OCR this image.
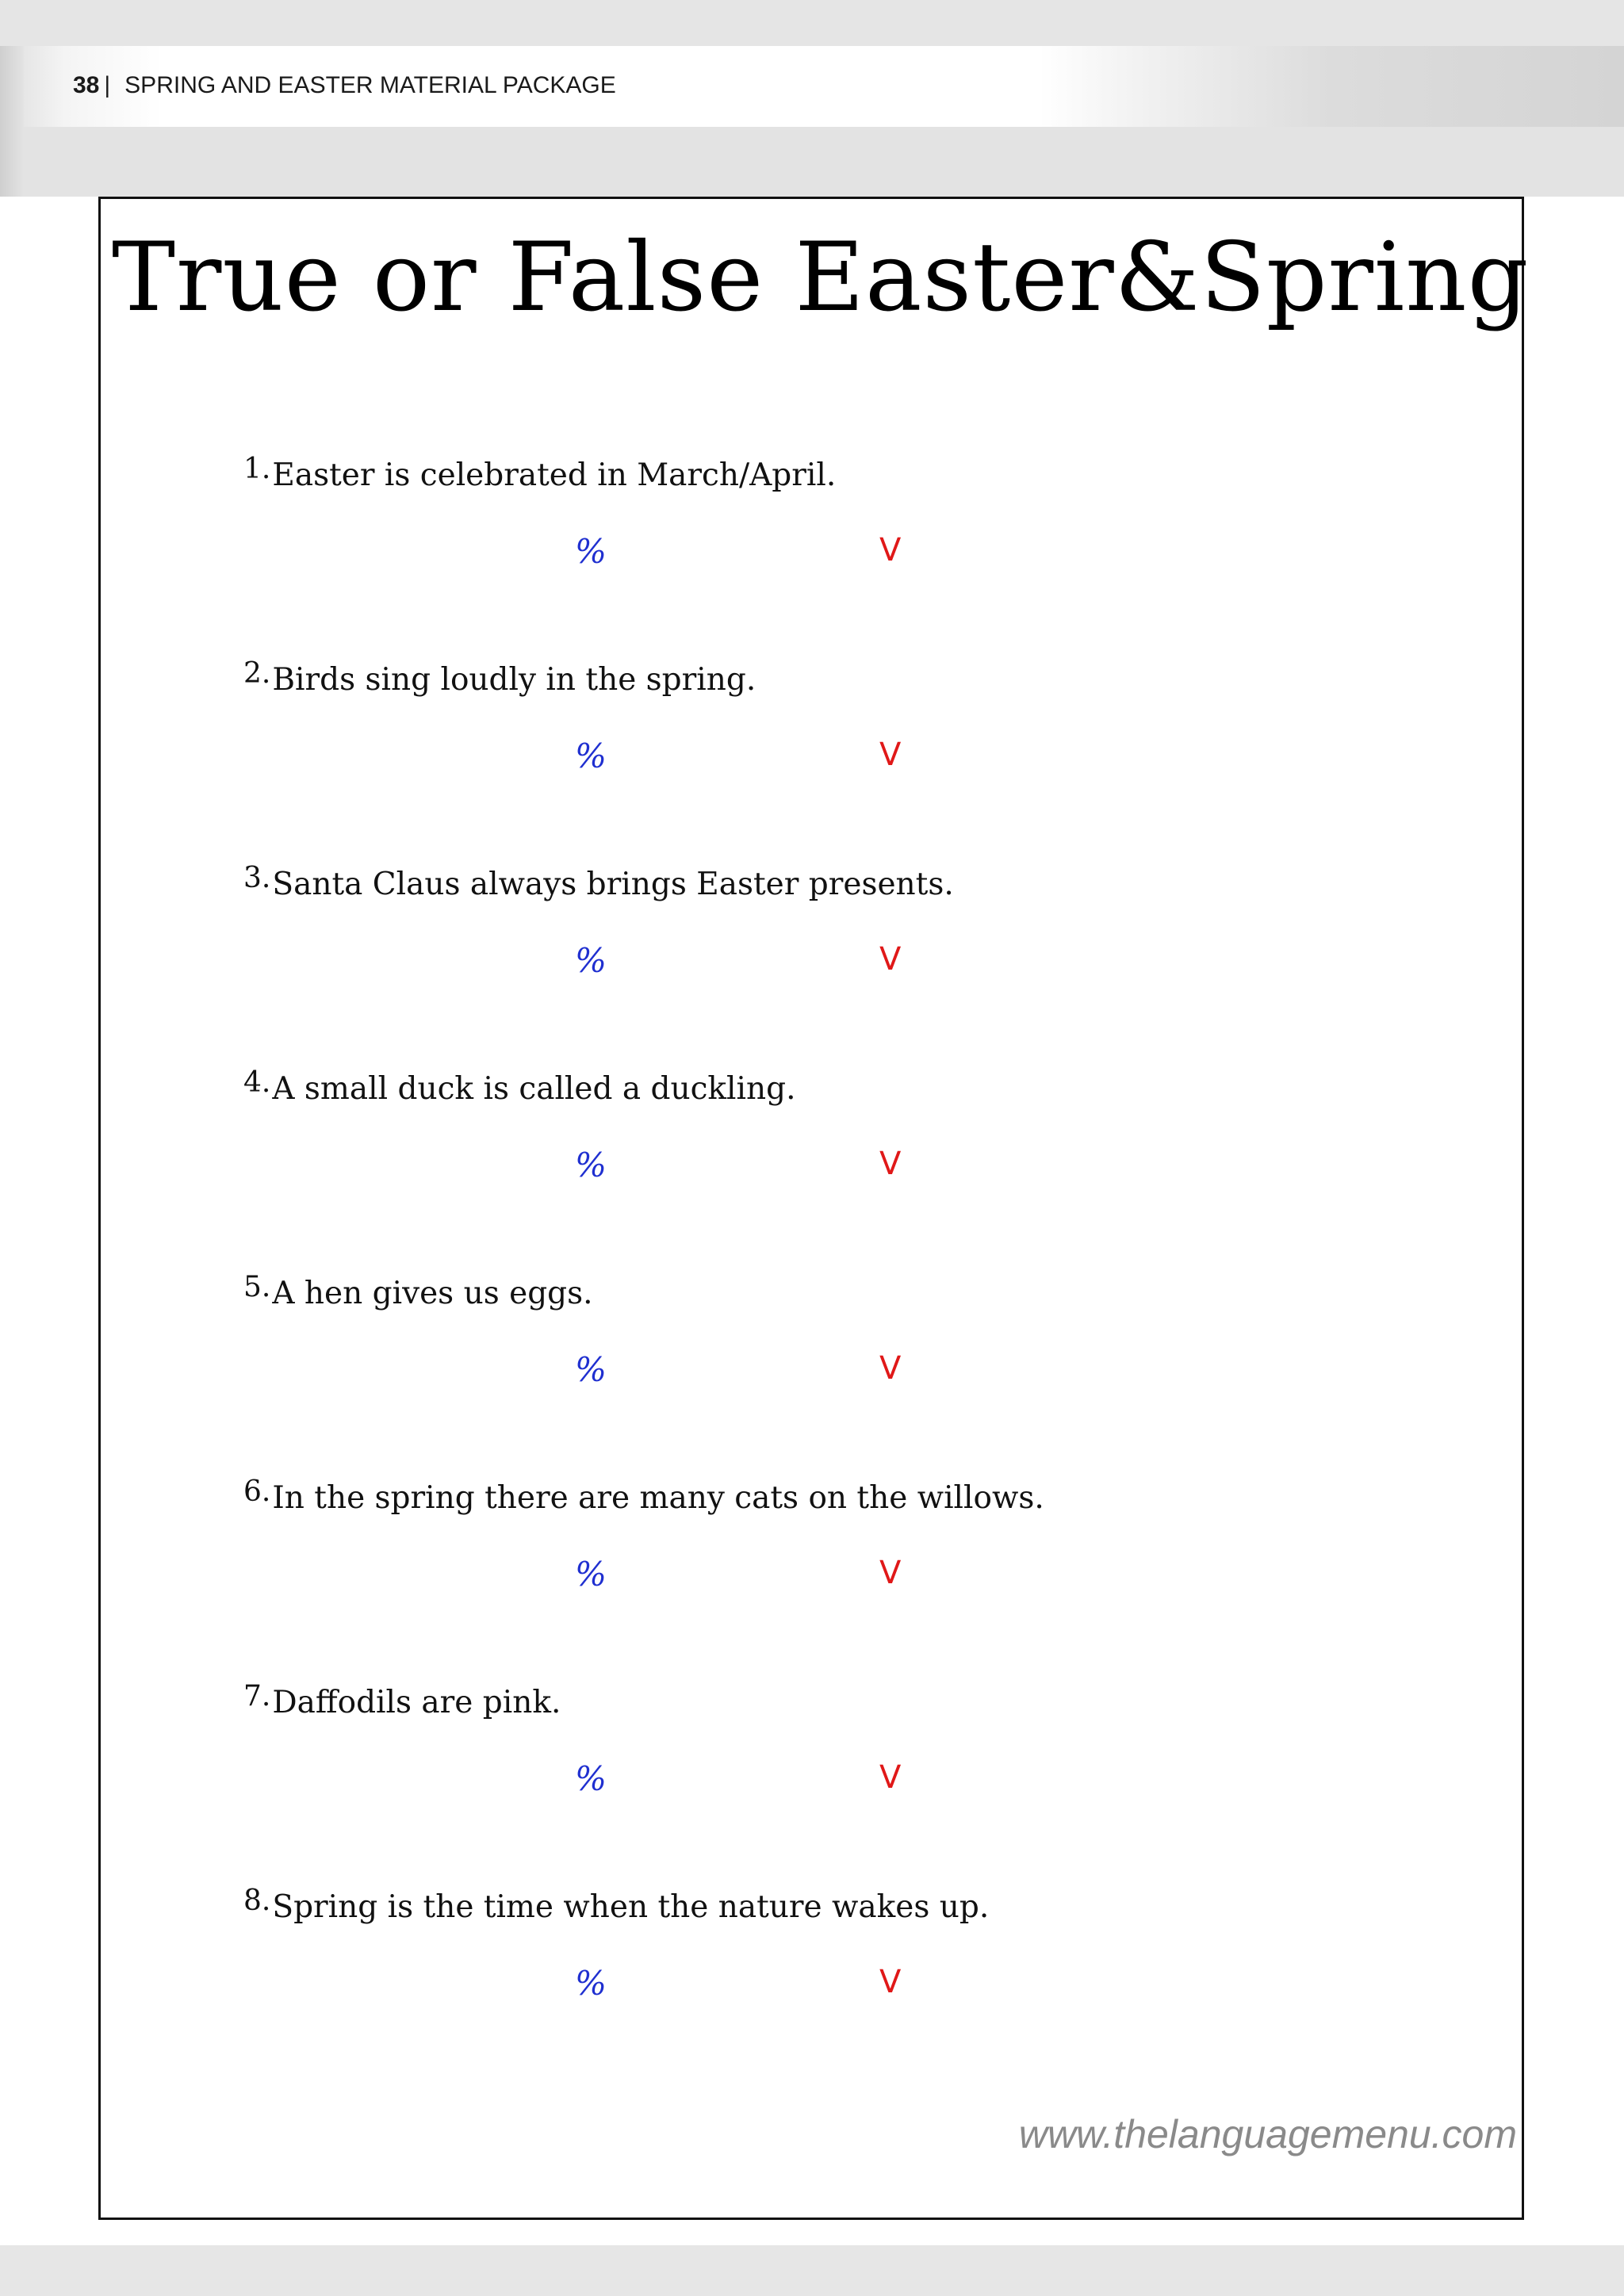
38 | SPRING AND EASTER MATERIAL PACKAGE
True or False Easter&Spring
1.Easter is celebrated in March/April.
%	V
2.Birds sing loudly in the spring.
%	V
3.Santa Claus always brings Easter presents.
%	V
4.A small duck is called a duckling.
%	V
5.A hen gives us eggs.
%	V
6.In the spring there are many cats on the willows.
%	V
7.Daffodils are pink.
%	V
8.Spring is the time when the nature wakes up.
%	V
www.thelanguagemenu.com
